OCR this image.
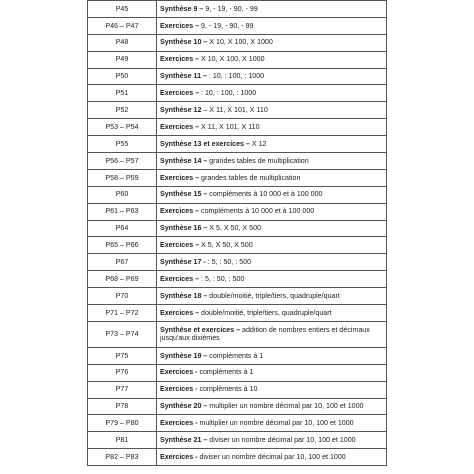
P45	Synthèse 9 – 9, - 19, - 90, - 99
P46 – P47	Exercices – 9, - 19, - 90, - 99
P48	Synthèse 10 – X 10, X 100, X 1000
P49	Exercices – X 10, X 100, X 1000
P50	Synthèse 11 – : 10, : 100, : 1000
P51	Exercices – : 10, : 100, : 1000
P52	Synthèse 12 – X 11, X 101, X 110
P53 – P54	Exercices – X 11, X 101, X 110
P55	Synthèse 13 et exercices – X 12
P56 – P57	Synthèse 14 – grandes tables de multiplication
P58 – P59	Exercices – grandes tables de multiplication
P60	Synthèse 15 – compléments à 10 000 et à 100 000
P61 – P63	Exercices – compléments à 10 000 et à 100 000
P64	Synthèse 16 – X 5, X 50, X 500
P65 – P66	Exercices – X 5, X 50, X 500
P67	Synthèse 17 - : 5, : 50, : 500
P68 – P69	Exercices – : 5, : 50, : 500
P70	Synthèse 18 – double/moitié, triple/tiers, quadruple/quart
P71 – P72	Exercices – double/moitié, triple/tiers, quadruple/quart
P73 – P74	Synthèse et exercices – addition de nombres entiers et décimaux jusqu'aux dixièmes
P75	Synthèse 19 – compléments à 1
P76	Exercices - compléments à 1
P77	Exercices - compléments à 10
P78	Synthèse 20 – multiplier un nombre décimal par 10, 100 et 1000
P79 – P80	Exercices - multiplier un nombre décimal par 10, 100 et 1000
P81	Synthèse 21 – diviser un nombre décimal par 10, 100 et 1000
P82 – P83	Exercices - diviser un nombre décimal par 10, 100 et 1000
